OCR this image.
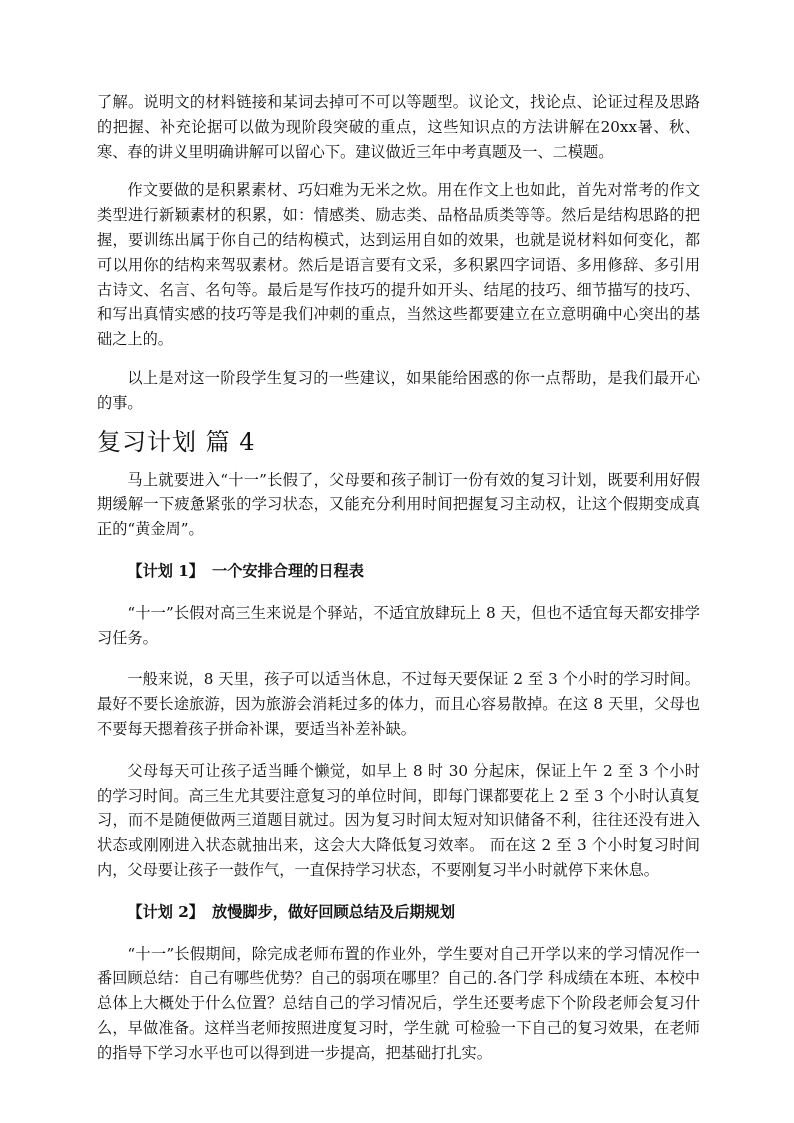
了解。说明文的材料链接和某词去掉可不可以等题型。议论文，找论点、论证过程及思路的把握、补充论据可以做为现阶段突破的重点，这些知识点的方法讲解在20xx暑、秋、寒、春的讲义里明确讲解可以留心下。建议做近三年中考真题及一、二模题。

作文要做的是积累素材、巧妇难为无米之炊。用在作文上也如此，首先对常考的作文类型进行新颖素材的积累，如：情感类、励志类、品格品质类等等。然后是结构思路的把握，要训练出属于你自己的结构模式，达到运用自如的效果，也就是说材料如何变化，都可以用你的结构来驾驭素材。然后是语言要有文采，多积累四字词语、多用修辞、多引用古诗文、名言、名句等。最后是写作技巧的提升如开头、结尾的技巧、细节描写的技巧、和写出真情实感的技巧等是我们冲刺的重点，当然这些都要建立在立意明确中心突出的基础之上的。

以上是对这一阶段学生复习的一些建议，如果能给困惑的你一点帮助，是我们最开心的事。

复习计划 篇 4

马上就要进入“十一”长假了，父母要和孩子制订一份有效的复习计划，既要利用好假期缓解一下疲惫紧张的学习状态，又能充分利用时间把握复习主动权，让这个假期变成真正的“黄金周”。

【计划 1】 一个安排合理的日程表

“十一”长假对高三生来说是个驿站，不适宜放肆玩上 8 天，但也不适宜每天都安排学习任务。

一般来说，8 天里，孩子可以适当休息，不过每天要保证 2 至 3 个小时的学习时间。最好不要长途旅游，因为旅游会消耗过多的体力，而且心容易散掉。在这 8 天里，父母也不要每天摁着孩子拼命补课，要适当补差补缺。

父母每天可让孩子适当睡个懒觉，如早上 8 时 30 分起床，保证上午 2 至 3 个小时的学习时间。高三生尤其要注意复习的单位时间，即每门课都要花上 2 至 3 个小时认真复习，而不是随便做两三道题目就过。因为复习时间太短对知识储备不利，往往还没有进入状态或刚刚进入状态就抽出来，这会大大降低复习效率。 而在这 2 至 3 个小时复习时间内，父母要让孩子一鼓作气，一直保持学习状态，不要刚复习半小时就停下来休息。

【计划 2】 放慢脚步，做好回顾总结及后期规划

“十一”长假期间，除完成老师布置的作业外，学生要对自己开学以来的学习情况作一番回顾总结：自己有哪些优势？自己的弱项在哪里？自己的.各门学 科成绩在本班、本校中总体上大概处于什么位置？总结自己的学习情况后，学生还要考虑下个阶段老师会复习什么，早做准备。这样当老师按照进度复习时，学生就 可检验一下自己的复习效果，在老师的指导下学习水平也可以得到进一步提高，把基础打扎实。
